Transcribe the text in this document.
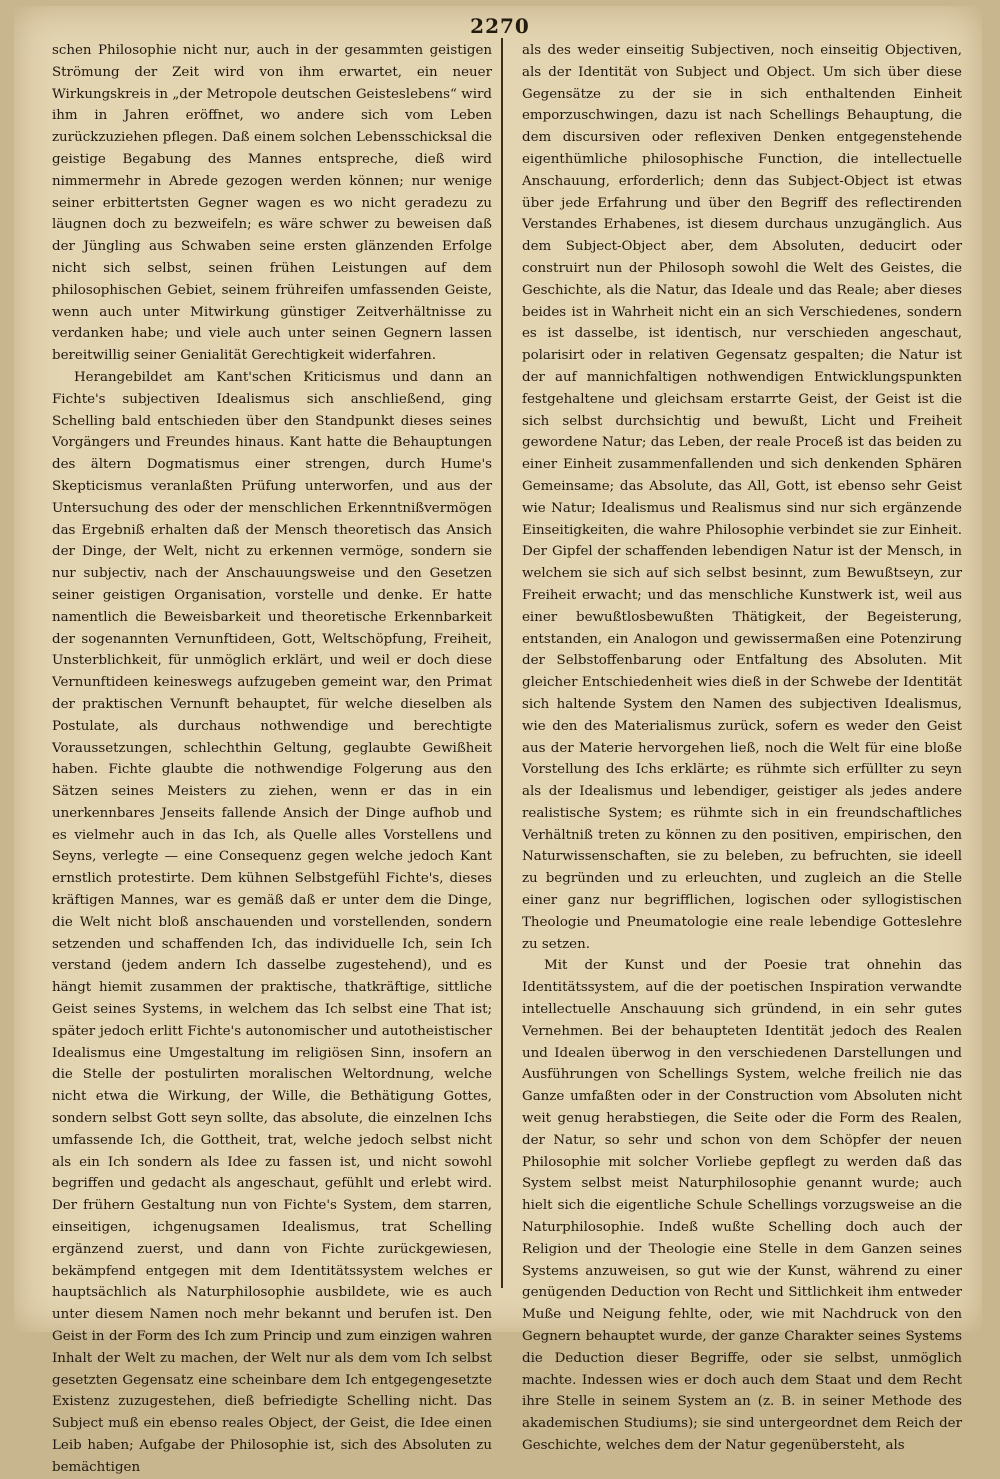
2270

schen Philosophie nicht nur, auch in der gesammten geistigen Strömung der Zeit wird von ihm erwartet, ein neuer Wirkungskreis in „der Metropole deutschen Geisteslebens“ wird ihm in Jahren eröffnet, wo andere sich vom Leben zurückzuziehen pflegen. Daß einem solchen Lebensschicksal die geistige Begabung des Mannes entspreche, dieß wird nimmermehr in Abrede gezogen werden können; nur wenige seiner erbittertsten Gegner wagen es wo nicht geradezu zu läugnen doch zu bezweifeln; es wäre schwer zu beweisen daß der Jüngling aus Schwaben seine ersten glänzenden Erfolge nicht sich selbst, seinen frühen Leistungen auf dem philosophischen Gebiet, seinem frühreifen umfassenden Geiste, wenn auch unter Mitwirkung günstiger Zeitverhältnisse zu verdanken habe; und viele auch unter seinen Gegnern lassen bereitwillig seiner Genialität Gerechtigkeit widerfahren.

Herangebildet am Kant'schen Kriticismus und dann an Fichte's subjectiven Idealismus sich anschließend, ging Schelling bald entschieden über den Standpunkt dieses seines Vorgängers und Freundes hinaus. Kant hatte die Behauptungen des ältern Dogmatismus einer strengen, durch Hume's Skepticismus veranlaßten Prüfung unterworfen, und aus der Untersuchung des oder der menschlichen Erkenntnißvermögen das Ergebniß erhalten daß der Mensch theoretisch das Ansich der Dinge, der Welt, nicht zu erkennen vermöge, sondern sie nur subjectiv, nach der Anschauungsweise und den Gesetzen seiner geistigen Organisation, vorstelle und denke. Er hatte namentlich die Beweisbarkeit und theoretische Erkennbarkeit der sogenannten Vernunftideen, Gott, Weltschöpfung, Freiheit, Unsterblichkeit, für unmöglich erklärt, und weil er doch diese Vernunftideen keineswegs aufzugeben gemeint war, den Primat der praktischen Vernunft behauptet, für welche dieselben als Postulate, als durchaus nothwendige und berechtigte Voraussetzungen, schlechthin Geltung, geglaubte Gewißheit haben. Fichte glaubte die nothwendige Folgerung aus den Sätzen seines Meisters zu ziehen, wenn er das in ein unerkennbares Jenseits fallende Ansich der Dinge aufhob und es vielmehr auch in das Ich, als Quelle alles Vorstellens und Seyns, verlegte — eine Consequenz gegen welche jedoch Kant ernstlich protestirte. Dem kühnen Selbstgefühl Fichte's, dieses kräftigen Mannes, war es gemäß daß er unter dem die Dinge, die Welt nicht bloß anschauenden und vorstellenden, sondern setzenden und schaffenden Ich, das individuelle Ich, sein Ich verstand (jedem andern Ich dasselbe zugestehend), und es hängt hiemit zusammen der praktische, thatkräftige, sittliche Geist seines Systems, in welchem das Ich selbst eine That ist; später jedoch erlitt Fichte's autonomischer und autotheistischer Idealismus eine Umgestaltung im religiösen Sinn, insofern an die Stelle der postulirten moralischen Weltordnung, welche nicht etwa die Wirkung, der Wille, die Bethätigung Gottes, sondern selbst Gott seyn sollte, das absolute, die einzelnen Ichs umfassende Ich, die Gottheit, trat, welche jedoch selbst nicht als ein Ich sondern als Idee zu fassen ist, und nicht sowohl begriffen und gedacht als angeschaut, gefühlt und erlebt wird. Der frühern Gestaltung nun von Fichte's System, dem starren, einseitigen, ichgenugsamen Idealismus, trat Schelling ergänzend zuerst, und dann von Fichte zurückgewiesen, bekämpfend entgegen mit dem Identitätssystem welches er hauptsächlich als Naturphilosophie ausbildete, wie es auch unter diesem Namen noch mehr bekannt und berufen ist. Den Geist in der Form des Ich zum Princip und zum einzigen wahren Inhalt der Welt zu machen, der Welt nur als dem vom Ich selbst gesetzten Gegensatz eine scheinbare dem Ich entgegengesetzte Existenz zuzugestehen, dieß befriedigte Schelling nicht. Das Subject muß ein ebenso reales Object, der Geist, die Idee einen Leib haben; Aufgabe der Philosophie ist, sich des Absoluten zu bemächtigen

als des weder einseitig Subjectiven, noch einseitig Objectiven, als der Identität von Subject und Object. Um sich über diese Gegensätze zu der sie in sich enthaltenden Einheit emporzuschwingen, dazu ist nach Schellings Behauptung, die dem discursiven oder reflexiven Denken entgegenstehende eigenthümliche philosophische Function, die intellectuelle Anschauung, erforderlich; denn das Subject-Object ist etwas über jede Erfahrung und über den Begriff des reflectirenden Verstandes Erhabenes, ist diesem durchaus unzugänglich. Aus dem Subject-Object aber, dem Absoluten, deducirt oder construirt nun der Philosoph sowohl die Welt des Geistes, die Geschichte, als die Natur, das Ideale und das Reale; aber dieses beides ist in Wahrheit nicht ein an sich Verschiedenes, sondern es ist dasselbe, ist identisch, nur verschieden angeschaut, polarisirt oder in relativen Gegensatz gespalten; die Natur ist der auf mannichfaltigen nothwendigen Entwicklungspunkten festgehaltene und gleichsam erstarrte Geist, der Geist ist die sich selbst durchsichtig und bewußt, Licht und Freiheit gewordene Natur; das Leben, der reale Proceß ist das beiden zu einer Einheit zusammenfallenden und sich denkenden Sphären Gemeinsame; das Absolute, das All, Gott, ist ebenso sehr Geist wie Natur; Idealismus und Realismus sind nur sich ergänzende Einseitigkeiten, die wahre Philosophie verbindet sie zur Einheit. Der Gipfel der schaffenden lebendigen Natur ist der Mensch, in welchem sie sich auf sich selbst besinnt, zum Bewußtseyn, zur Freiheit erwacht; und das menschliche Kunstwerk ist, weil aus einer bewußtlosbewußten Thätigkeit, der Begeisterung, entstanden, ein Analogon und gewissermaßen eine Potenzirung der Selbstoffenbarung oder Entfaltung des Absoluten. Mit gleicher Entschiedenheit wies dieß in der Schwebe der Identität sich haltende System den Namen des subjectiven Idealismus, wie den des Materialismus zurück, sofern es weder den Geist aus der Materie hervorgehen ließ, noch die Welt für eine bloße Vorstellung des Ichs erklärte; es rühmte sich erfüllter zu seyn als der Idealismus und lebendiger, geistiger als jedes andere realistische System; es rühmte sich in ein freundschaftliches Verhältniß treten zu können zu den positiven, empirischen, den Naturwissenschaften, sie zu beleben, zu befruchten, sie ideell zu begründen und zu erleuchten, und zugleich an die Stelle einer ganz nur begrifflichen, logischen oder syllogistischen Theologie und Pneumatologie eine reale lebendige Gotteslehre zu setzen.

Mit der Kunst und der Poesie trat ohnehin das Identitätssystem, auf die der poetischen Inspiration verwandte intellectuelle Anschauung sich gründend, in ein sehr gutes Vernehmen. Bei der behaupteten Identität jedoch des Realen und Idealen überwog in den verschiedenen Darstellungen und Ausführungen von Schellings System, welche freilich nie das Ganze umfaßten oder in der Construction vom Absoluten nicht weit genug herabstiegen, die Seite oder die Form des Realen, der Natur, so sehr und schon von dem Schöpfer der neuen Philosophie mit solcher Vorliebe gepflegt zu werden daß das System selbst meist Naturphilosophie genannt wurde; auch hielt sich die eigentliche Schule Schellings vorzugsweise an die Naturphilosophie. Indeß wußte Schelling doch auch der Religion und der Theologie eine Stelle in dem Ganzen seines Systems anzuweisen, so gut wie der Kunst, während zu einer genügenden Deduction von Recht und Sittlichkeit ihm entweder Muße und Neigung fehlte, oder, wie mit Nachdruck von den Gegnern behauptet wurde, der ganze Charakter seines Systems die Deduction dieser Begriffe, oder sie selbst, unmöglich machte. Indessen wies er doch auch dem Staat und dem Recht ihre Stelle in seinem System an (z. B. in seiner Methode des akademischen Studiums); sie sind untergeordnet dem Reich der Geschichte, welches dem der Natur gegenübersteht, als
